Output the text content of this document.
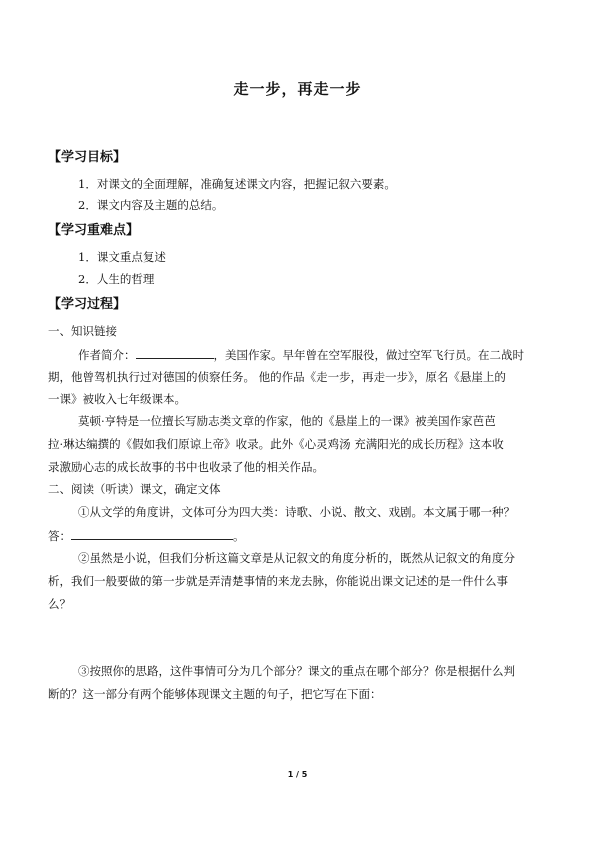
走一步，再走一步
【学习目标】
1．对课文的全面理解，准确复述课文内容，把握记叙六要素。
2．课文内容及主题的总结。
【学习重难点】
1．课文重点复述
2．人生的哲理
【学习过程】
一、知识链接
作者简介：	，美国作家。早年曾在空军服役，做过空军飞行员。在二战时
期，他曾驾机执行过对德国的侦察任务。 他的作品《走一步，再走一步》，原名《悬崖上的
一课》被收入七年级课本。
莫顿·亨特是一位擅长写励志类文章的作家，他的《悬崖上的一课》被美国作家芭芭
拉·琳达编撰的《假如我们原谅上帝》收录。此外《心灵鸡汤 充满阳光的成长历程》这本收
录激励心志的成长故事的书中也收录了他的相关作品。
二、阅读（听读）课文，确定文体
①从文学的角度讲，文体可分为四大类：诗歌、小说、散文、戏剧。本文属于哪一种？
答：	。
②虽然是小说，但我们分析这篇文章是从记叙文的角度分析的，既然从记叙文的角度分
析，我们一般要做的第一步就是弄清楚事情的来龙去脉，你能说出课文记述的是一件什么事
么？
③按照你的思路，这件事情可分为几个部分？课文的重点在哪个部分？你是根据什么判
断的？这一部分有两个能够体现课文主题的句子，把它写在下面：
1 / 5
